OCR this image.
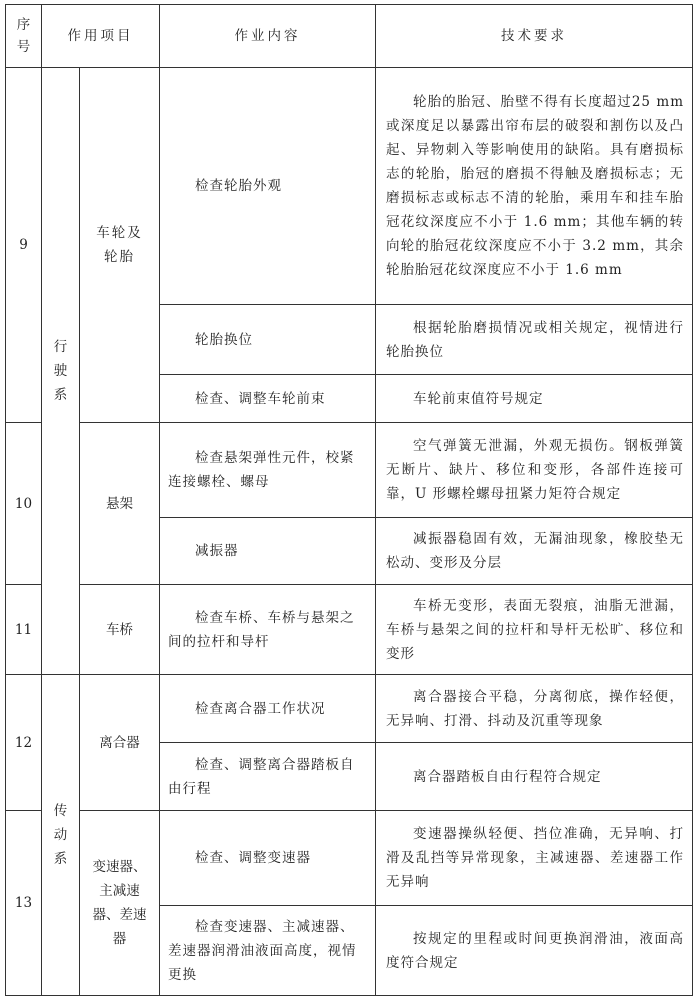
序号	作用项目		作业内容	技术要求
9	行驶系	车轮及轮胎	检查轮胎外观	轮胎的胎冠、胎壁不得有长度超过25 mm 或深度足以暴露出帘布层的破裂和割伤以及凸起、异物刺入等影响使用的缺陷。具有磨损标志的轮胎，胎冠的磨损不得触及磨损标志；无磨损标志或标志不清的轮胎，乘用车和挂车胎冠花纹深度应不小于 1.6 mm；其他车辆的转向轮的胎冠花纹深度应不小于 3.2 mm，其余轮胎胎冠花纹深度应不小于 1.6 mm
			轮胎换位	根据轮胎磨损情况或相关规定，视情进行轮胎换位
			检查、调整车轮前束	车轮前束值符号规定
10		悬架	检查悬架弹性元件，校紧连接螺栓、螺母	空气弹簧无泄漏，外观无损伤。钢板弹簧无断片、缺片、移位和变形，各部件连接可靠，U 形螺栓螺母扭紧力矩符合规定
			减振器	减振器稳固有效，无漏油现象，橡胶垫无松动、变形及分层
11		车桥	检查车桥、车桥与悬架之间的拉杆和导杆	车桥无变形，表面无裂痕，油脂无泄漏，车桥与悬架之间的拉杆和导杆无松旷、移位和变形
12	传动系	离合器	检查离合器工作状况	离合器接合平稳，分离彻底，操作轻便，无异响、打滑、抖动及沉重等现象
			检查、调整离合器踏板自由行程	离合器踏板自由行程符合规定
13		变速器、主减速器、差速器	检查、调整变速器	变速器操纵轻便、挡位准确，无异响、打滑及乱挡等异常现象，主减速器、差速器工作无异响
			检查变速器、主减速器、差速器润滑油液面高度，视情更换	按规定的里程或时间更换润滑油，液面高度符合规定
